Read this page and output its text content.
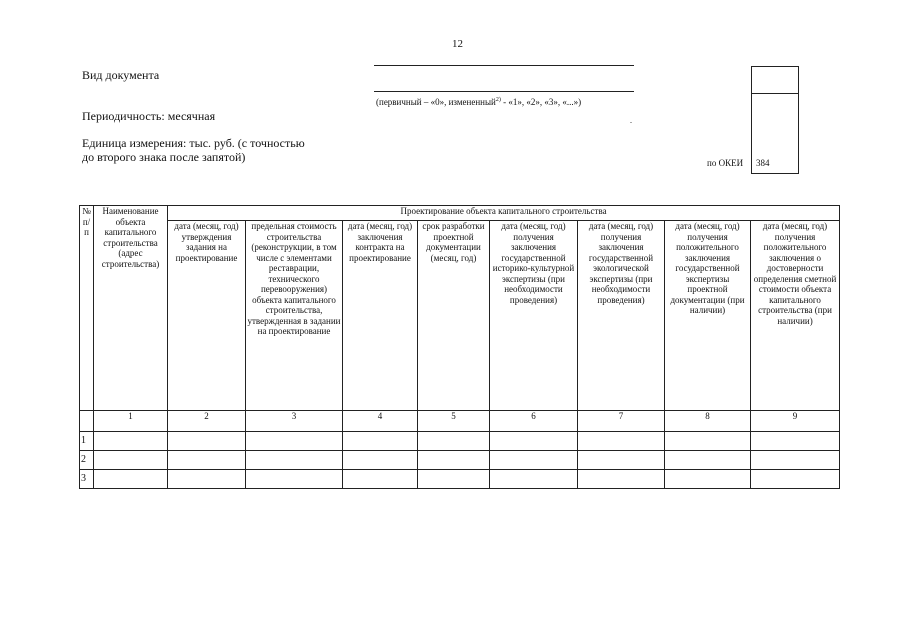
12
Вид документа
Периодичность: месячная
Единица измерения: тыс. руб. (с точностью
до второго знака после запятой)
(первичный – «0», измененный$^{2)}$ - «1», «2», «3», «...»)
.
по ОКЕИ 384
№ п/п	Наименование объекта капитального строительства (адрес строительства)	Проектирование объекта капитального строительства							
		дата (месяц, год) утверждения задания на проектирование	предельная стоимость строительства (реконструкции, в том числе с элементами реставрации, технического перевооружения) объекта капитального строительства, утвержденная в задании на проектирование	дата (месяц, год) заключения контракта на проектирование	срок разработки проектной документации (месяц, год)	дата (месяц, год) получения заключения государственной историко-культурной экспертизы (при необходимости проведения)	дата (месяц, год) получения заключения государственной экологической экспертизы (при необходимости проведения)	дата (месяц, год) получения положительного заключения государственной экспертизы проектной документации (при наличии)	дата (месяц, год) получения положительного заключения о достоверности определения сметной стоимости объекта капитального строительства (при наличии)
	1	2	3	4	5	6	7	8	9
1									
2									
3									
